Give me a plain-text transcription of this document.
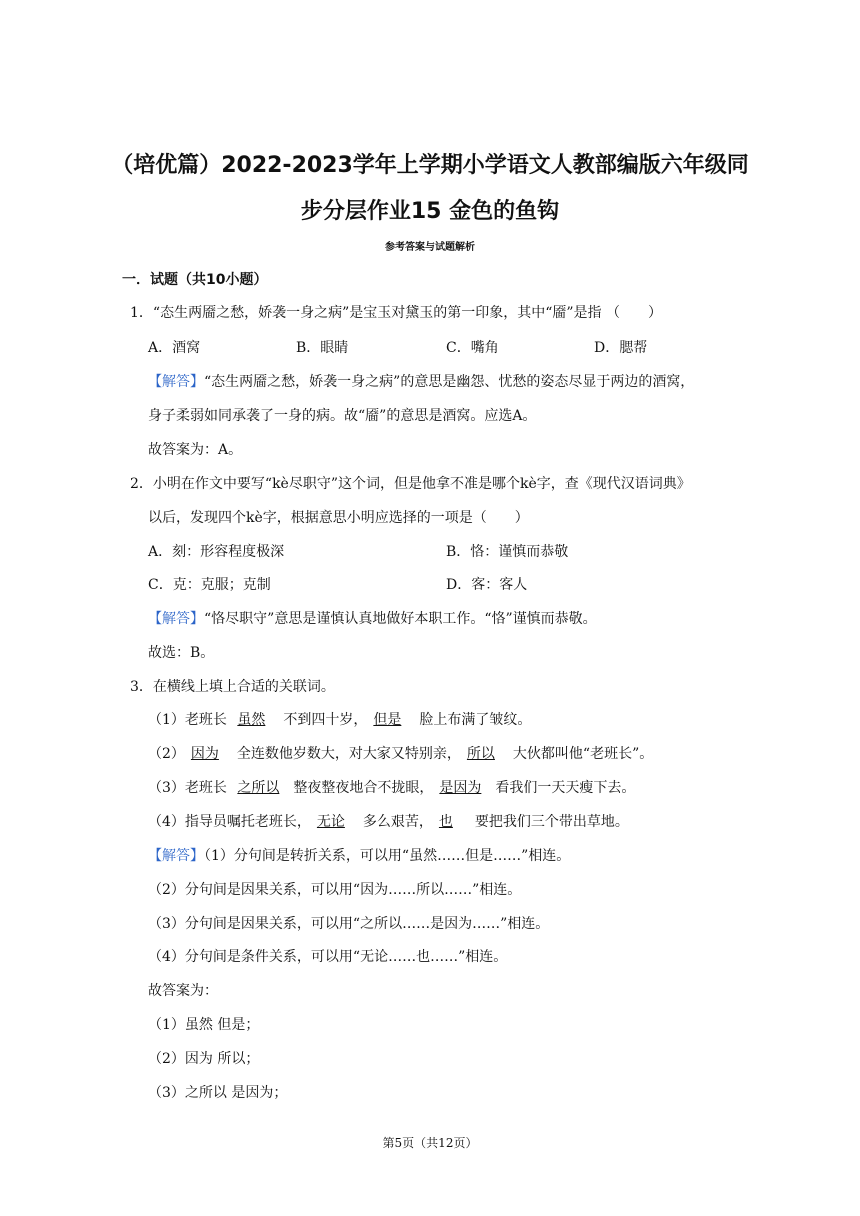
（培优篇）2022-2023学年上学期小学语文人教部编版六年级同
步分层作业15 金色的鱼钩
参考答案与试题解析
一．试题（共10小题）
1．“态生两靥之愁，娇袭一身之病”是宝玉对黛玉的第一印象，其中“靥”是指 （　　）
A．酒窝	B．眼睛	C．嘴角	D．腮帮
【解答】“态生两靥之愁，娇袭一身之病”的意思是幽怨、忧愁的姿态尽显于两边的酒窝，
身子柔弱如同承袭了一身的病。故“靥”的意思是酒窝。应选A。
故答案为：A。
2．小明在作文中要写“kè尽职守”这个词，但是他拿不准是哪个kè字，查《现代汉语词典》
以后，发现四个kè字，根据意思小明应选择的一项是（　　）
A．刻：形容程度极深	B．恪：谨慎而恭敬
C．克：克服；克制	D．客：客人
【解答】“恪尽职守”意思是谨慎认真地做好本职工作。“恪”谨慎而恭敬。
故选：B。
3．在横线上填上合适的关联词。
（1）老班长 虽然 不到四十岁， 但是 脸上布满了皱纹。
（2） 因为 全连数他岁数大，对大家又特别亲， 所以 大伙都叫他“老班长”。
（3）老班长 之所以 整夜整夜地合不拢眼， 是因为 看我们一天天瘦下去。
（4）指导员嘱托老班长， 无论 多么艰苦， 也 要把我们三个带出草地。
【解答】（1）分句间是转折关系，可以用“虽然……但是……”相连。
（2）分句间是因果关系，可以用“因为……所以……”相连。
（3）分句间是因果关系，可以用“之所以……是因为……”相连。
（4）分句间是条件关系，可以用“无论……也……”相连。
故答案为：
（1）虽然 但是；
（2）因为 所以；
（3）之所以 是因为；
第5页（共12页）
